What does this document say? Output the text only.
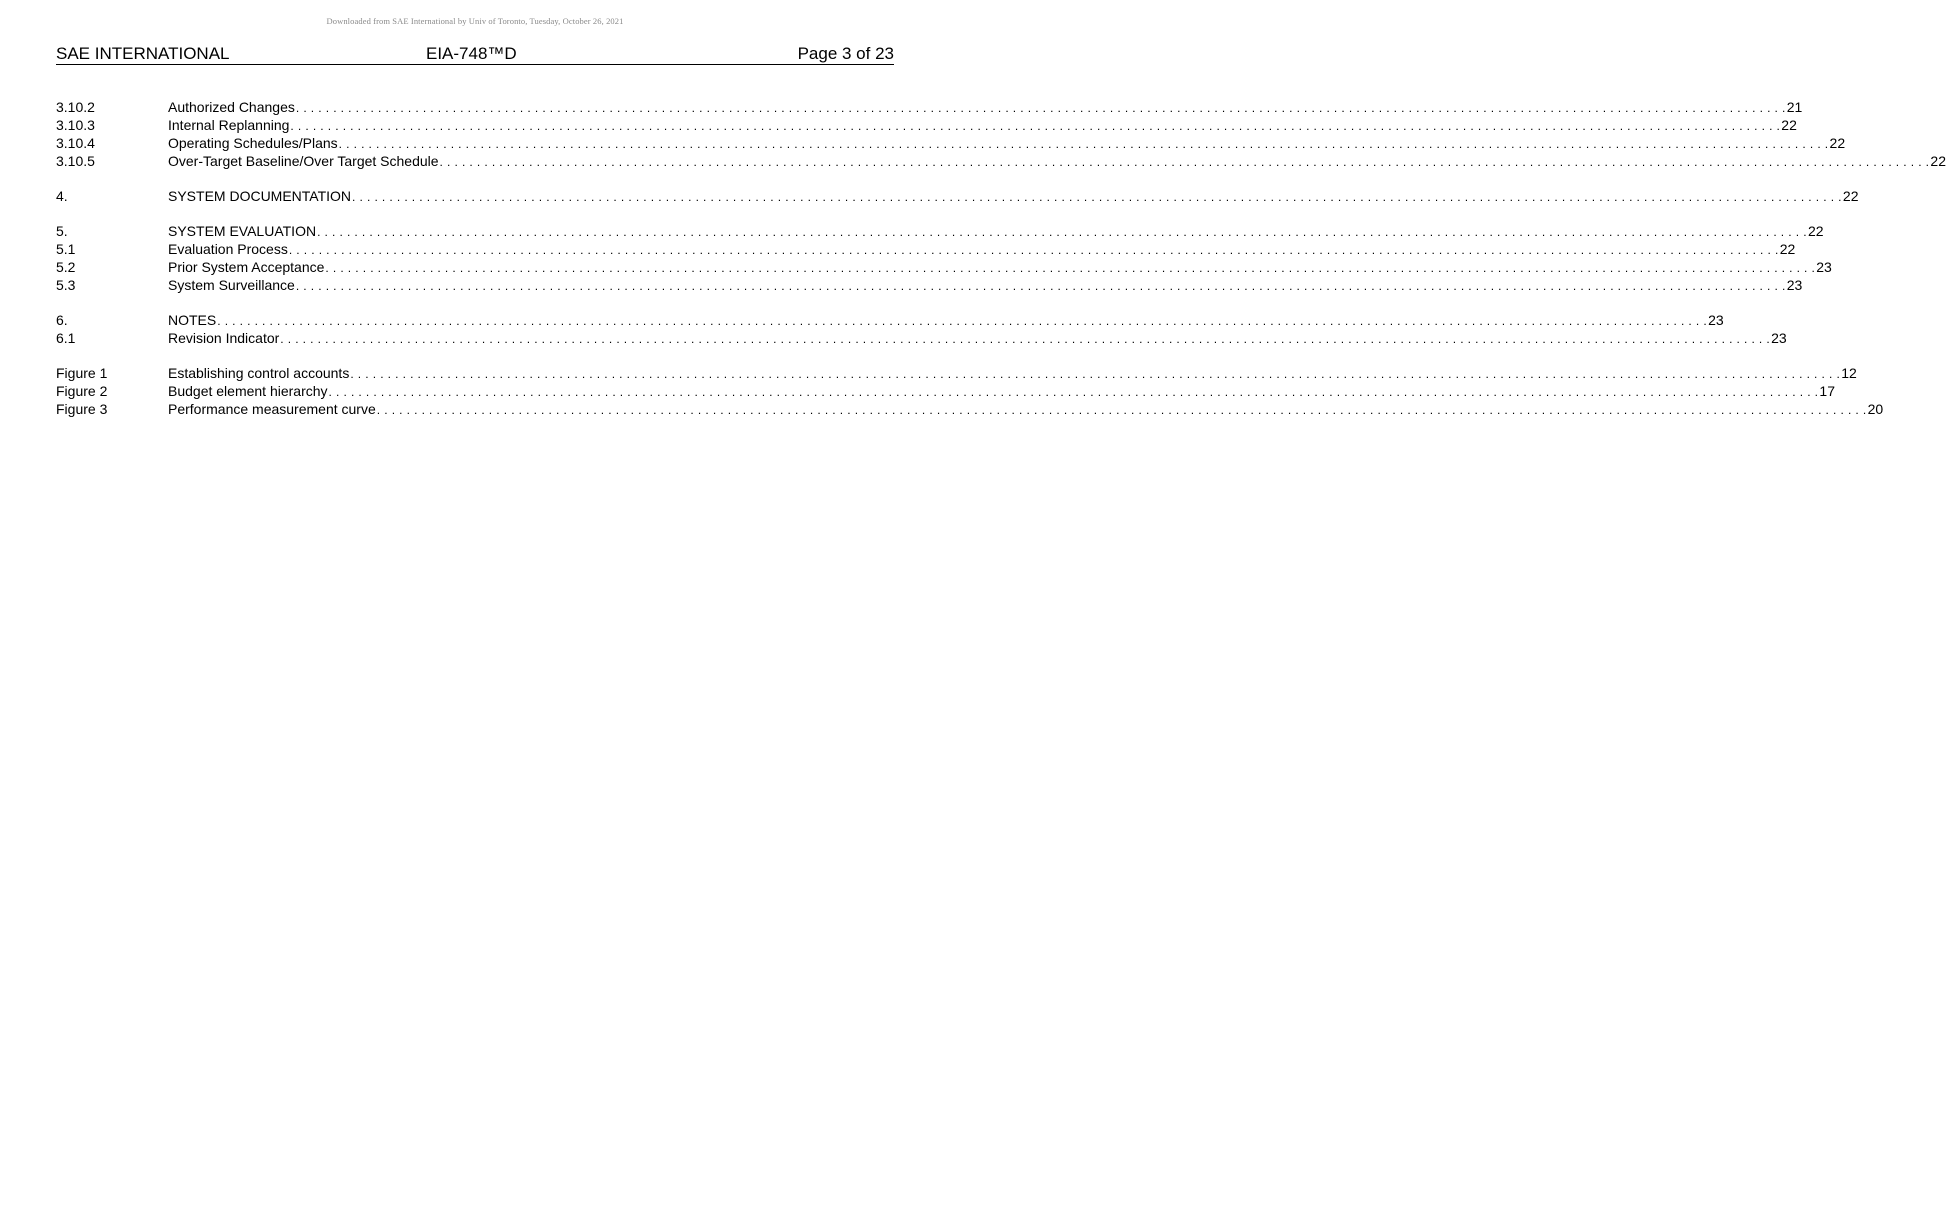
Downloaded from SAE International by Univ of Toronto, Tuesday, October 26, 2021
SAE INTERNATIONAL	EIA-748™D	Page 3 of 23
3.10.2	Authorized Changes . . . . . . . . . . . . . . . . . . . . . . . . . . . . . . . . . . . . . . . . . . . . . . . . . . . . . . . . . . . . . . . . . . . . . . . . . . . . . . . . . . . . . . . . . . . . . . . . . . . . . . . . . . . . . . . . . . . . . . . . . . . . . . . . . . . . . . . . . . . . . . . . . . . . . . . . . . . . . . . . . . . . . . . . . . . . . . . . . . . . . . . . . . . . . . . . . . . . . . . . 21
3.10.3	Internal Replanning . . . . . . . . . . . . . . . . . . . . . . . . . . . . . . . . . . . . . . . . . . . . . . . . . . . . . . . . . . . . . . . . . . . . . . . . . . . . . . . . . . . . . . . . . . . . . . . . . . . . . . . . . . . . . . . . . . . . . . . . . . . . . . . . . . . . . . . . . . . . . . . . . . . . . . . . . . . . . . . . . . . . . . . . . . . . . . . . . . . . . . . . . . . . . . . . . . . . . . . . 22
3.10.4	Operating Schedules/Plans . . . . . . . . . . . . . . . . . . . . . . . . . . . . . . . . . . . . . . . . . . . . . . . . . . . . . . . . . . . . . . . . . . . . . . . . . . . . . . . . . . . . . . . . . . . . . . . . . . . . . . . . . . . . . . . . . . . . . . . . . . . . . . . . . . . . . . . . . . . . . . . . . . . . . . . . . . . . . . . . . . . . . . . . . . . . . . . . . . . . . . . . . . . . . . . . . . . . . . . . 22
3.10.5	Over-Target Baseline/Over Target Schedule . . . . . . . . . . . . . . . . . . . . . . . . . . . . . . . . . . . . . . . . . . . . . . . . . . . . . . . . . . . . . . . . . . . . . . . . . . . . . . . . . . . . . . . . . . . . . . . . . . . . . . . . . . . . . . . . . . . . . . . . . . . . . . . . . . . . . . . . . . . . . . . . . . . . . . . . . . . . . . . . . . . . . . . . . . . . . . . . . . . . . . . . . . . . . . . . . . . . . . . . 22
4.	SYSTEM DOCUMENTATION . . . . . . . . . . . . . . . . . . . . . . . . . . . . . . . . . . . . . . . . . . . . . . . . . . . . . . . . . . . . . . . . . . . . . . . . . . . . . . . . . . . . . . . . . . . . . . . . . . . . . . . . . . . . . . . . . . . . . . . . . . . . . . . . . . . . . . . . . . . . . . . . . . . . . . . . . . . . . . . . . . . . . . . . . . . . . . . . . . . . . . . . . . . . . . . . . . . . . . . . 22
5.	SYSTEM EVALUATION . . . . . . . . . . . . . . . . . . . . . . . . . . . . . . . . . . . . . . . . . . . . . . . . . . . . . . . . . . . . . . . . . . . . . . . . . . . . . . . . . . . . . . . . . . . . . . . . . . . . . . . . . . . . . . . . . . . . . . . . . . . . . . . . . . . . . . . . . . . . . . . . . . . . . . . . . . . . . . . . . . . . . . . . . . . . . . . . . . . . . . . . . . . . . . . . . . . . . . . . 22
5.1	Evaluation Process . . . . . . . . . . . . . . . . . . . . . . . . . . . . . . . . . . . . . . . . . . . . . . . . . . . . . . . . . . . . . . . . . . . . . . . . . . . . . . . . . . . . . . . . . . . . . . . . . . . . . . . . . . . . . . . . . . . . . . . . . . . . . . . . . . . . . . . . . . . . . . . . . . . . . . . . . . . . . . . . . . . . . . . . . . . . . . . . . . . . . . . . . . . . . . . . . . . . . . . . 22
5.2	Prior System Acceptance . . . . . . . . . . . . . . . . . . . . . . . . . . . . . . . . . . . . . . . . . . . . . . . . . . . . . . . . . . . . . . . . . . . . . . . . . . . . . . . . . . . . . . . . . . . . . . . . . . . . . . . . . . . . . . . . . . . . . . . . . . . . . . . . . . . . . . . . . . . . . . . . . . . . . . . . . . . . . . . . . . . . . . . . . . . . . . . . . . . . . . . . . . . . . . . . . . . . . . . . 23
5.3	System Surveillance . . . . . . . . . . . . . . . . . . . . . . . . . . . . . . . . . . . . . . . . . . . . . . . . . . . . . . . . . . . . . . . . . . . . . . . . . . . . . . . . . . . . . . . . . . . . . . . . . . . . . . . . . . . . . . . . . . . . . . . . . . . . . . . . . . . . . . . . . . . . . . . . . . . . . . . . . . . . . . . . . . . . . . . . . . . . . . . . . . . . . . . . . . . . . . . . . . . . . . . . 23
6.	NOTES . . . . . . . . . . . . . . . . . . . . . . . . . . . . . . . . . . . . . . . . . . . . . . . . . . . . . . . . . . . . . . . . . . . . . . . . . . . . . . . . . . . . . . . . . . . . . . . . . . . . . . . . . . . . . . . . . . . . . . . . . . . . . . . . . . . . . . . . . . . . . . . . . . . . . . . . . . . . . . . . . . . . . . . . . . . . . . . . . . . . . . . . . . . . . . . . . . . . . . . . 23
6.1	Revision Indicator . . . . . . . . . . . . . . . . . . . . . . . . . . . . . . . . . . . . . . . . . . . . . . . . . . . . . . . . . . . . . . . . . . . . . . . . . . . . . . . . . . . . . . . . . . . . . . . . . . . . . . . . . . . . . . . . . . . . . . . . . . . . . . . . . . . . . . . . . . . . . . . . . . . . . . . . . . . . . . . . . . . . . . . . . . . . . . . . . . . . . . . . . . . . . . . . . . . . . . . . 23
Figure 1	Establishing control accounts . . . . . . . . . . . . . . . . . . . . . . . . . . . . . . . . . . . . . . . . . . . . . . . . . . . . . . . . . . . . . . . . . . . . . . . . . . . . . . . . . . . . . . . . . . . . . . . . . . . . . . . . . . . . . . . . . . . . . . . . . . . . . . . . . . . . . . . . . . . . . . . . . . . . . . . . . . . . . . . . . . . . . . . . . . . . . . . . . . . . . . . . . . . . . . . . . . . . . . . . 12
Figure 2	Budget element hierarchy . . . . . . . . . . . . . . . . . . . . . . . . . . . . . . . . . . . . . . . . . . . . . . . . . . . . . . . . . . . . . . . . . . . . . . . . . . . . . . . . . . . . . . . . . . . . . . . . . . . . . . . . . . . . . . . . . . . . . . . . . . . . . . . . . . . . . . . . . . . . . . . . . . . . . . . . . . . . . . . . . . . . . . . . . . . . . . . . . . . . . . . . . . . . . . . . . . . . . . . . 17
Figure 3	Performance measurement curve . . . . . . . . . . . . . . . . . . . . . . . . . . . . . . . . . . . . . . . . . . . . . . . . . . . . . . . . . . . . . . . . . . . . . . . . . . . . . . . . . . . . . . . . . . . . . . . . . . . . . . . . . . . . . . . . . . . . . . . . . . . . . . . . . . . . . . . . . . . . . . . . . . . . . . . . . . . . . . . . . . . . . . . . . . . . . . . . . . . . . . . . . . . . . . . . . . . . . . . . 20
